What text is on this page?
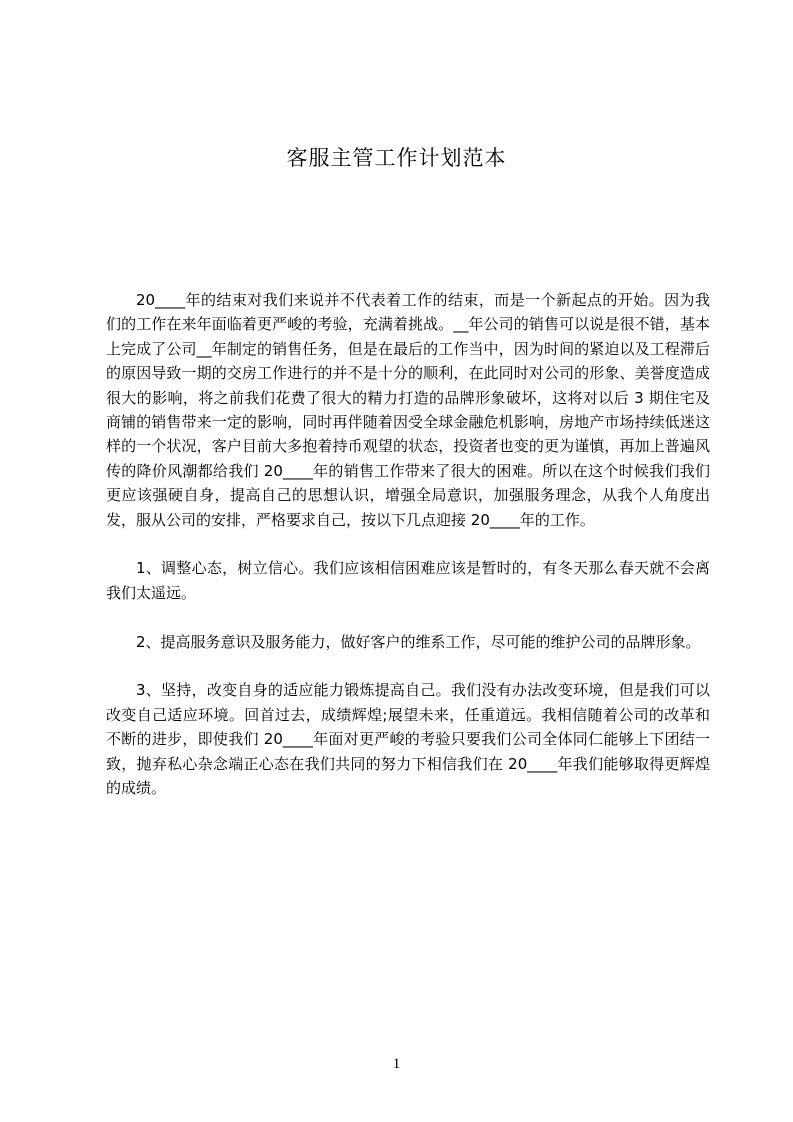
客服主管工作计划范本

20____年的结束对我们来说并不代表着工作的结束，而是一个新起点的开始。因为我们的工作在来年面临着更严峻的考验，充满着挑战。__年公司的销售可以说是很不错，基本上完成了公司__年制定的销售任务，但是在最后的工作当中，因为时间的紧迫以及工程滞后的原因导致一期的交房工作进行的并不是十分的顺利，在此同时对公司的形象、美誉度造成很大的影响，将之前我们花费了很大的精力打造的品牌形象破坏，这将对以后 3 期住宅及商铺的销售带来一定的影响，同时再伴随着因受全球金融危机影响，房地产市场持续低迷这样的一个状况，客户目前大多抱着持币观望的状态，投资者也变的更为谨慎，再加上普遍风传的降价风潮都给我们 20____年的销售工作带来了很大的困难。所以在这个时候我们我们更应该强硬自身，提高自己的思想认识，增强全局意识，加强服务理念，从我个人角度出发，服从公司的安排，严格要求自己，按以下几点迎接 20____年的工作。

1、调整心态，树立信心。我们应该相信困难应该是暂时的，有冬天那么春天就不会离我们太遥远。

2、提高服务意识及服务能力，做好客户的维系工作，尽可能的维护公司的品牌形象。

3、坚持，改变自身的适应能力锻炼提高自己。我们没有办法改变环境，但是我们可以改变自己适应环境。回首过去，成绩辉煌;展望未来，任重道远。我相信随着公司的改革和不断的进步，即使我们 20____年面对更严峻的考验只要我们公司全体同仁能够上下团结一致，抛弃私心杂念端正心态在我们共同的努力下相信我们在 20____年我们能够取得更辉煌的成绩。

1
